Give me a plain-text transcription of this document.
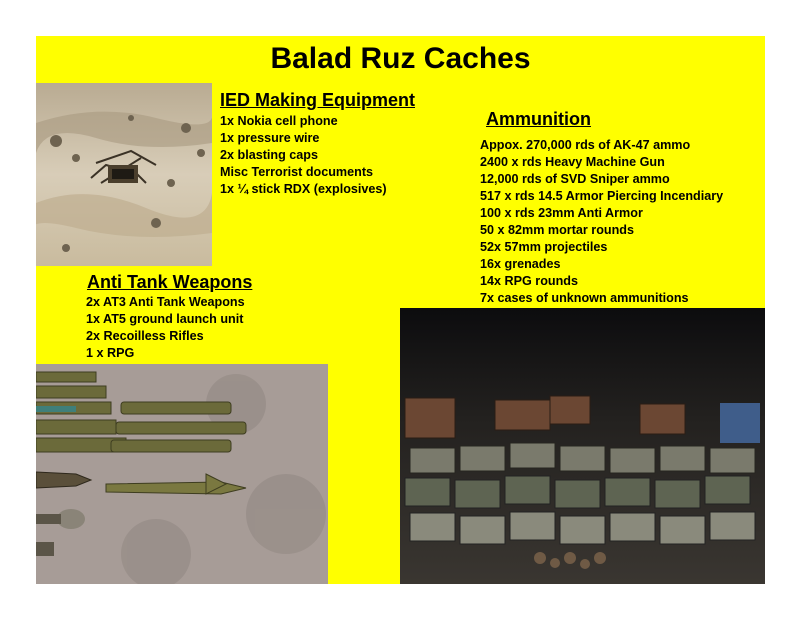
Balad Ruz Caches
IED Making Equipment
1x Nokia cell phone
1x pressure wire
2x blasting caps
Misc Terrorist documents
1x ¼ stick RDX (explosives)
Ammunition
Appox. 270,000 rds of AK-47 ammo
2400 x rds Heavy Machine Gun
12,000 rds of SVD Sniper ammo
517 x rds 14.5 Armor Piercing Incendiary
100 x rds 23mm Anti Armor
50 x 82mm mortar rounds
52x 57mm projectiles
16x grenades
14x RPG rounds
7x cases of unknown ammunitions
Anti Tank Weapons
2x AT3 Anti Tank Weapons
1x AT5 ground launch unit
2x Recoilless Rifles
1 x RPG
